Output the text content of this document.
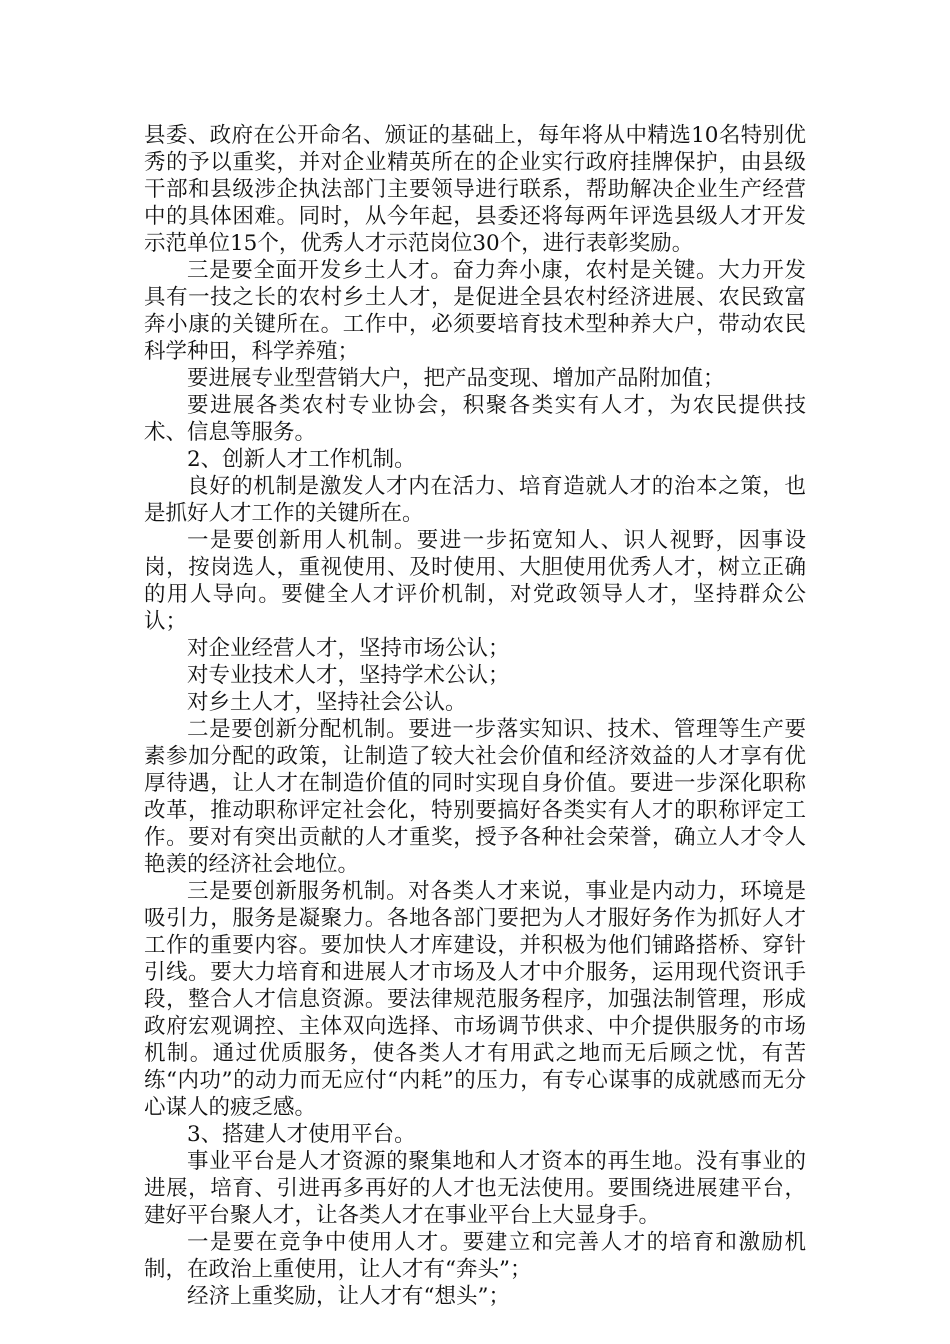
县委、政府在公开命名、颁证的基础上，每年将从中精选10名特别优秀的予以重奖，并对企业精英所在的企业实行政府挂牌保护，由县级干部和县级涉企执法部门主要领导进行联系，帮助解决企业生产经营中的具体困难。同时，从今年起，县委还将每两年评选县级人才开发示范单位15个，优秀人才示范岗位30个，进行表彰奖励。

三是要全面开发乡土人才。奋力奔小康，农村是关键。大力开发具有一技之长的农村乡土人才，是促进全县农村经济进展、农民致富奔小康的关键所在。工作中，必须要培育技术型种养大户，带动农民科学种田，科学养殖；

要进展专业型营销大户，把产品变现、增加产品附加值；

要进展各类农村专业协会，积聚各类实有人才，为农民提供技术、信息等服务。

2、创新人才工作机制。

良好的机制是激发人才内在活力、培育造就人才的治本之策，也是抓好人才工作的关键所在。

一是要创新用人机制。要进一步拓宽知人、识人视野，因事设岗，按岗选人，重视使用、及时使用、大胆使用优秀人才，树立正确的用人导向。要健全人才评价机制，对党政领导人才，坚持群众公认；

对企业经营人才，坚持市场公认；

对专业技术人才，坚持学术公认；

对乡土人才，坚持社会公认。

二是要创新分配机制。要进一步落实知识、技术、管理等生产要素参加分配的政策，让制造了较大社会价值和经济效益的人才享有优厚待遇，让人才在制造价值的同时实现自身价值。要进一步深化职称改革，推动职称评定社会化，特别要搞好各类实有人才的职称评定工作。要对有突出贡献的人才重奖，授予各种社会荣誉，确立人才令人艳羡的经济社会地位。

三是要创新服务机制。对各类人才来说，事业是内动力，环境是吸引力，服务是凝聚力。各地各部门要把为人才服好务作为抓好人才工作的重要内容。要加快人才库建设，并积极为他们铺路搭桥、穿针引线。要大力培育和进展人才市场及人才中介服务，运用现代资讯手段，整合人才信息资源。要法律规范服务程序，加强法制管理，形成政府宏观调控、主体双向选择、市场调节供求、中介提供服务的市场机制。通过优质服务，使各类人才有用武之地而无后顾之忧，有苦练“内功”的动力而无应付“内耗”的压力，有专心谋事的成就感而无分心谋人的疲乏感。

3、搭建人才使用平台。

事业平台是人才资源的聚集地和人才资本的再生地。没有事业的进展，培育、引进再多再好的人才也无法使用。要围绕进展建平台，建好平台聚人才，让各类人才在事业平台上大显身手。

一是要在竞争中使用人才。要建立和完善人才的培育和激励机制，在政治上重使用，让人才有“奔头”；

经济上重奖励，让人才有“想头”；
